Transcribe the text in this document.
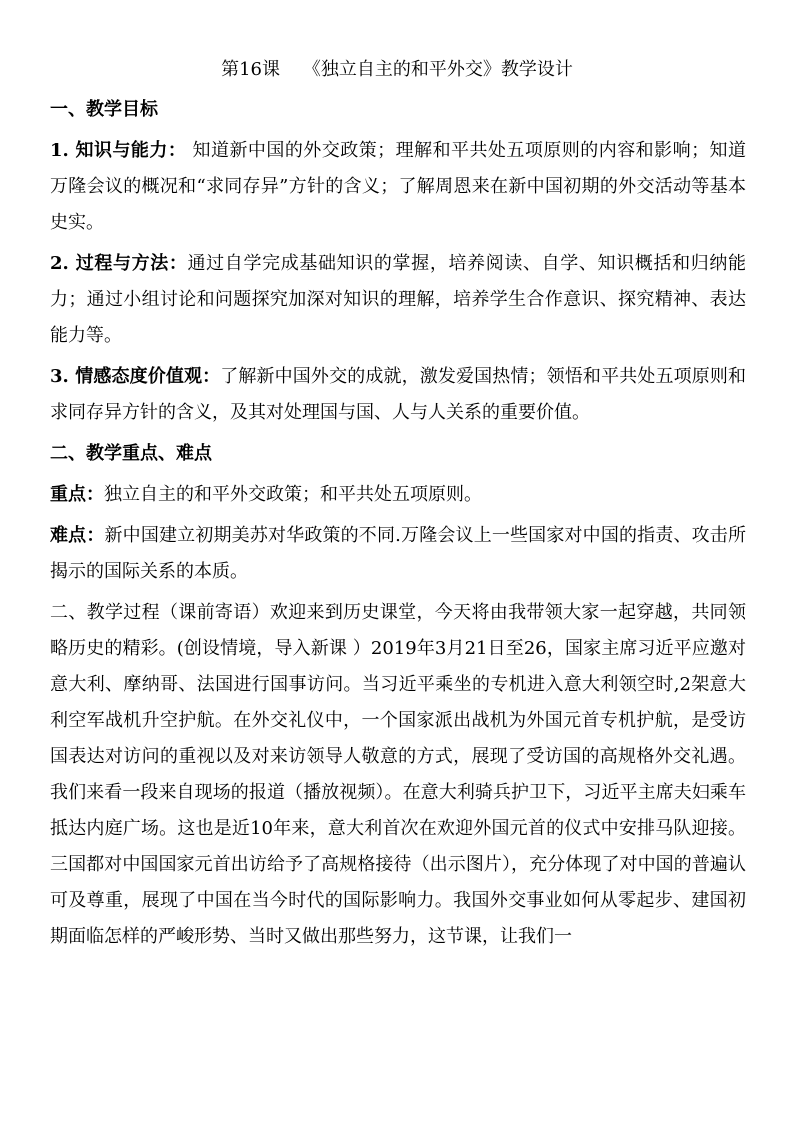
第16课    《独立自主的和平外交》教学设计

一、教学目标

1. 知识与能力： 知道新中国的外交政策；理解和平共处五项原则的内容和影响；知道万隆会议的概况和“求同存异”方针的含义；了解周恩来在新中国初期的外交活动等基本史实。

2. 过程与方法：通过自学完成基础知识的掌握，培养阅读、自学、知识概括和归纳能力；通过小组讨论和问题探究加深对知识的理解，培养学生合作意识、探究精神、表达能力等。

3. 情感态度价值观：了解新中国外交的成就，激发爱国热情；领悟和平共处五项原则和求同存异方针的含义，及其对处理国与国、人与人关系的重要价值。

二、教学重点、难点

重点：独立自主的和平外交政策；和平共处五项原则。

难点：新中国建立初期美苏对华政策的不同.万隆会议上一些国家对中国的指责、攻击所揭示的国际关系的本质。

二、教学过程（课前寄语）欢迎来到历史课堂，今天将由我带领大家一起穿越，共同领略历史的精彩。(创设情境，导入新课 ）2019年3月21日至26，国家主席习近平应邀对意大利、摩纳哥、法国进行国事访问。当习近平乘坐的专机进入意大利领空时,2架意大利空军战机升空护航。在外交礼仪中，一个国家派出战机为外国元首专机护航，是受访国表达对访问的重视以及对来访领导人敬意的方式，展现了受访国的高规格外交礼遇。我们来看一段来自现场的报道（播放视频）。在意大利骑兵护卫下，习近平主席夫妇乘车抵达内庭广场。这也是近10年来，意大利首次在欢迎外国元首的仪式中安排马队迎接。三国都对中国国家元首出访给予了高规格接待（出示图片），充分体现了对中国的普遍认可及尊重，展现了中国在当今时代的国际影响力。我国外交事业如何从零起步、建国初期面临怎样的严峻形势、当时又做出那些努力，这节课，让我们一
